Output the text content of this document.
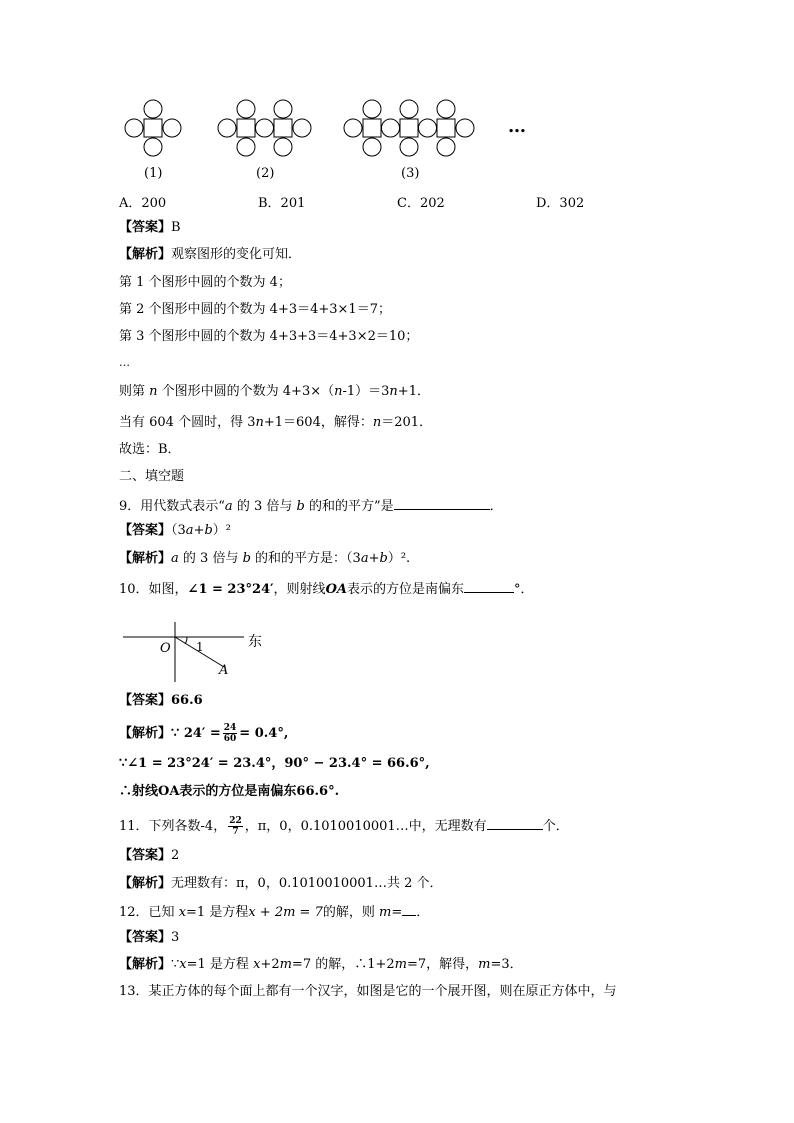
…
(1)	(2)	(3)
A．200	B．201	C．202	D．302
【答案】B
【解析】观察图形的变化可知．
第 1 个图形中圆的个数为 4；
第 2 个图形中圆的个数为 4+3＝4+3×1＝7；
第 3 个图形中圆的个数为 4+3+3＝4+3×2＝10；
…
则第 n 个图形中圆的个数为 4+3×（n-1）＝3n+1．
当有 604 个圆时，得 3n+1＝604，解得：n＝201．
故选：B．
二、填空题
9．用代数式表示“a 的 3 倍与 b 的和的平方”是	．
【答案】（3a+b）²
【解析】a 的 3 倍与 b 的和的平方是：（3a+b）².
10．如图，∠1 = 23°24′，则射线OA表示的方位是南偏东	°．
东
O 1
A
【答案】66.6
【解析】∵ $24' = \frac{24}{60} = 0.4^\circ$,
∵∠1 = 23°24′ = 23.4°，90° − 23.4° = 66.6°,
∴射线OA表示的方位是南偏东66.6°.
11．下列各数-4， $\frac{22}{7}$ ，π，0，0.1010010001…中，无理数有	个．
【答案】2
【解析】无理数有：π，0，0.1010010001…共 2 个．
12．已知 x=1 是方程x + 2m = 7的解，则 m= ．
【答案】3
【解析】∵x=1 是方程 x+2m=7 的解，∴1+2m=7，解得，m=3．
13．某正方体的每个面上都有一个汉字，如图是它的一个展开图，则在原正方体中，与
